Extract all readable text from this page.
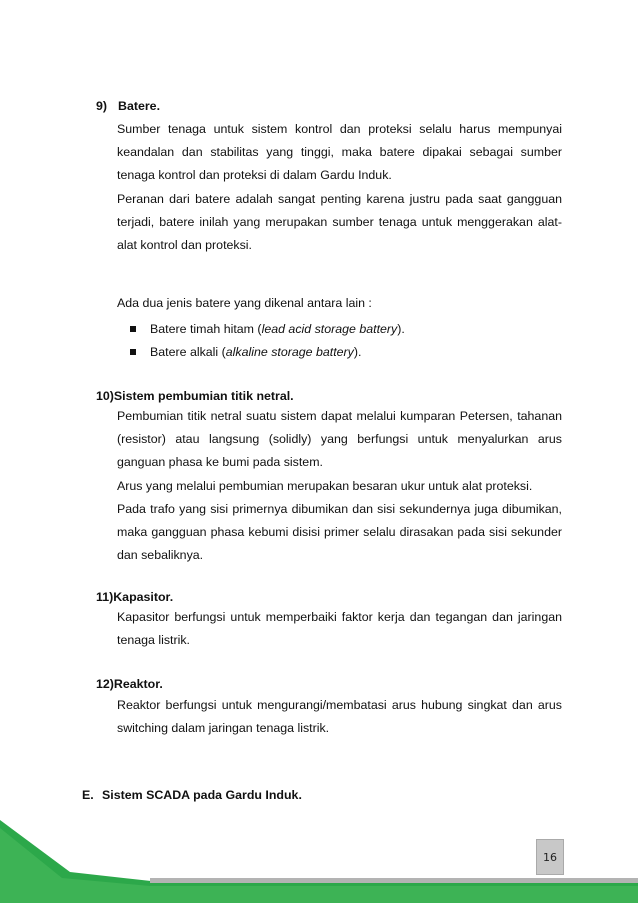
9) Batere.

Sumber tenaga untuk sistem kontrol dan proteksi selalu harus mempunyai keandalan dan stabilitas yang tinggi, maka batere dipakai sebagai sumber tenaga kontrol dan proteksi di dalam Gardu Induk.

Peranan dari batere adalah sangat penting karena justru pada saat gangguan terjadi, batere inilah yang merupakan sumber tenaga untuk menggerakan alat-alat kontrol dan proteksi.

Ada dua jenis batere yang dikenal antara lain :

Batere timah hitam (lead acid storage battery).
Batere alkali (alkaline storage battery).
10)Sistem pembumian titik netral.

Pembumian titik netral suatu sistem dapat melalui kumparan Petersen, tahanan (resistor) atau langsung (solidly) yang berfungsi untuk menyalurkan arus ganguan phasa ke bumi pada sistem.

Arus yang melalui pembumian merupakan besaran ukur untuk alat proteksi.

Pada trafo yang sisi primernya dibumikan dan sisi sekundernya juga dibumikan, maka gangguan phasa kebumi disisi primer selalu dirasakan pada sisi sekunder dan sebaliknya.

11)Kapasitor.

Kapasitor berfungsi untuk memperbaiki faktor kerja dan tegangan dan jaringan tenaga listrik.

12)Reaktor.

Reaktor berfungsi untuk mengurangi/membatasi arus hubung singkat dan arus switching dalam jaringan tenaga listrik.

E. Sistem SCADA pada Gardu Induk.
16
